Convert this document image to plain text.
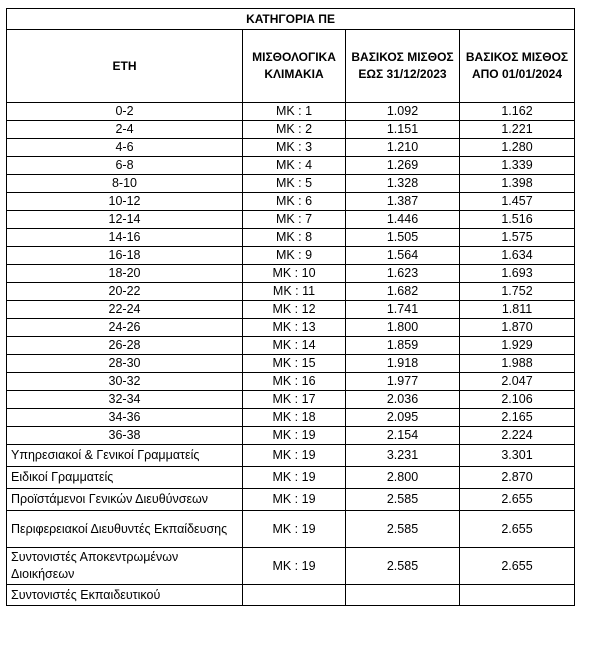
ΚΑΤΗΓΟΡΙΑ ΠΕ			
ΕΤΗ	ΜΙΣΘΟΛΟΓΙΚΑ ΚΛΙΜΑΚΙΑ	ΒΑΣΙΚΟΣ ΜΙΣΘΟΣ ΕΩΣ 31/12/2023	ΒΑΣΙΚΟΣ ΜΙΣΘΟΣ ΑΠΟ 01/01/2024
0-2	ΜΚ : 1	1.092	1.162
2-4	ΜΚ : 2	1.151	1.221
4-6	ΜΚ : 3	1.210	1.280
6-8	ΜΚ : 4	1.269	1.339
8-10	ΜΚ : 5	1.328	1.398
10-12	ΜΚ : 6	1.387	1.457
12-14	ΜΚ : 7	1.446	1.516
14-16	ΜΚ : 8	1.505	1.575
16-18	ΜΚ : 9	1.564	1.634
18-20	ΜΚ : 10	1.623	1.693
20-22	ΜΚ : 11	1.682	1.752
22-24	ΜΚ : 12	1.741	1.811
24-26	ΜΚ : 13	1.800	1.870
26-28	ΜΚ : 14	1.859	1.929
28-30	ΜΚ : 15	1.918	1.988
30-32	ΜΚ : 16	1.977	2.047
32-34	ΜΚ : 17	2.036	2.106
34-36	ΜΚ : 18	2.095	2.165
36-38	ΜΚ : 19	2.154	2.224
Υπηρεσιακοί & Γενικοί Γραμματείς	ΜΚ : 19	3.231	3.301
Ειδικοί Γραμματείς	ΜΚ : 19	2.800	2.870
Προϊστάμενοι Γενικών Διευθύνσεων	ΜΚ : 19	2.585	2.655
Περιφερειακοί Διευθυντές Εκπαίδευσης	ΜΚ : 19	2.585	2.655
Συντονιστές Αποκεντρωμένων Διοικήσεων	ΜΚ : 19	2.585	2.655
Συντονιστές Εκπαιδευτικού			
